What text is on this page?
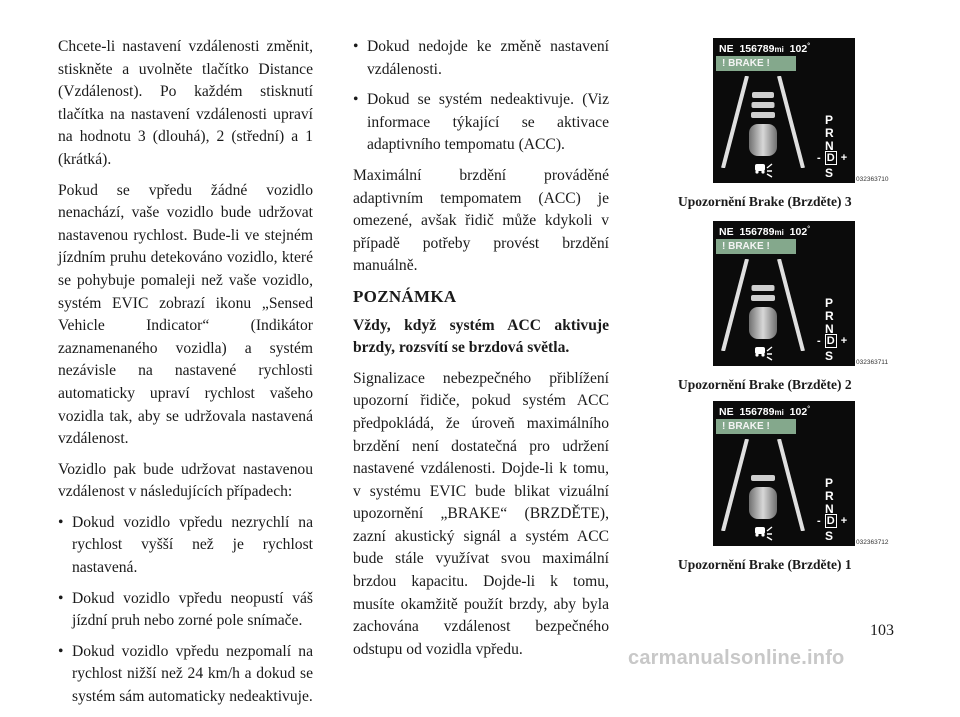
Chcete-li nastavení vzdálenosti změnit, stiskněte a uvolněte tlačítko Distance (Vzdálenost). Po každém stisknutí tlačítka na nastavení vzdálenosti upraví na hodnotu 3 (dlouhá), 2 (střední) a 1 (krátká).

Pokud se vpředu žádné vozidlo nenachází, vaše vozidlo bude udržovat nastavenou rychlost. Bude-li ve stejném jízdním pruhu detekováno vozidlo, které se pohybuje pomaleji než vaše vozidlo, systém EVIC zobrazí ikonu „Sensed Vehicle Indicator“ (Indikátor zaznamenaného vozidla) a systém nezávisle na nastavené rychlosti automaticky upraví rychlost vašeho vozidla tak, aby se udržovala nastavená vzdálenost.

Vozidlo pak bude udržovat nastavenou vzdálenost v následujících případech:

• Dokud vozidlo vpředu nezrychlí na rychlost vyšší než je rychlost nastavená.
• Dokud vozidlo vpředu neopustí váš jízdní pruh nebo zorné pole snímače.
• Dokud vozidlo vpředu nezpomalí na rychlost nižší než 24 km/h a dokud se systém sám automaticky nedeaktivuje.
• Dokud nedojde ke změně nastavení vzdálenosti.
• Dokud se systém nedeaktivuje. (Viz informace týkající se aktivace adaptivního tempomatu (ACC).

Maximální brzdění prováděné adaptivním tempomatem (ACC) je omezené, avšak řidič může kdykoli v případě potřeby provést brzdění manuálně.

POZNÁMKA

Vždy, když systém ACC aktivuje brzdy, rozsvítí se brzdová světla.

Signalizace nebezpečného přiblížení upozorní řidiče, pokud systém ACC předpokládá, že úroveň maximálního brzdění není dostatečná pro udržení nastavené vzdálenosti. Dojde-li k tomu, v systému EVIC bude blikat vizuální upozornění „BRAKE“ (BRZDĚTE), zazní akustický signál a systém ACC bude stále využívat svou maximální brzdou kapacitu. Dojde-li k tomu, musíte okamžitě použít brzdy, aby byla zachována vzdálenost bezpečného odstupu od vozidla vpředu.

NE 156789mi 102°
! BRAKE !
P
R
N
- D +
S	032363710
Upozornění Brake (Brzděte) 3
NE 156789mi 102°
! BRAKE !
P
R
N
- D +
S	032363711
Upozornění Brake (Brzděte) 2
NE 156789mi 102°
! BRAKE !
P
R
N
- D +
S	032363712
Upozornění Brake (Brzděte) 1
103
carmanualsonline.info
